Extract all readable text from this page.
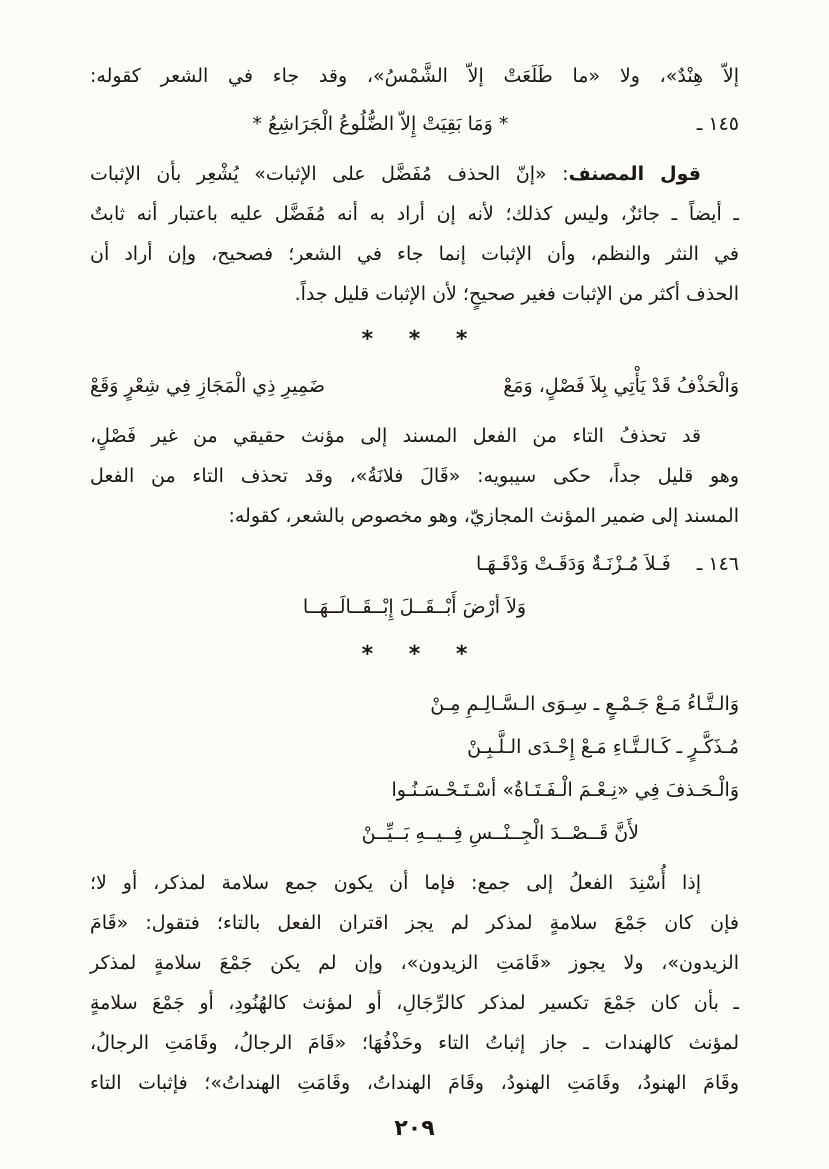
إلاّ هِنْدٌ»، ولا «ما طَلَعَتْ إلاّ الشَّمْسُ»، وقد جاء في الشعر كقوله:
١٤٥ ـ
* وَمَا بَقِيَتْ إِلاّ الضُّلُوعُ الْجَرَاشِعُ *
قول المصنف: «إنّ الحذف مُفَضَّل على الإثبات» يُشْعِر بأن الإثبات
ـ أيضاً ـ جائزٌ، وليس كذلك؛ لأنه إن أراد به أنه مُفَضَّل عليه باعتبار أنه ثابتٌ
في النثر والنظم، وأن الإثبات إنما جاء في الشعر؛ فصحيح، وإن أراد أن
الحذف أكثر من الإثبات فغير صحيحٍ؛ لأن الإثبات قليل جداً.
* * *
وَالْحَذْفُ قَدْ يَأْتِي بِلاَ فَصْلٍ، وَمَعْ
ضَمِيرِ ذِي الْمَجَازِ فِي شِعْرٍ وَقَعْ
قد تحذفُ التاء من الفعل المسند إلى مؤنث حقيقي من غير فَصْلٍ،
وهو قليل جداً، حكى سيبويه: «قَالَ فلانَةُ»، وقد تحذف التاء من الفعل
المسند إلى ضمير المؤنث المجازيّ، وهو مخصوص بالشعر، كقوله:
١٤٦ ـ
فَـلاَ مُـزْنَـةٌ وَدَقَـتْ وَدْقَـهَـا
وَلاَ أرْضَ أَبْــقَــلَ إِبْــقَــالَــهَــا
* * *
وَالـتَّـاءُ مَـعْ جَـمْـعٍ ـ سِـوَى الـسَّـالِـمِ مِـنْ
مُـذَكَّـرٍ ـ كَـالـتَّـاءِ مَـعْ إِحْـدَى الـلَّـبِـنْ
وَالْـحَـذفَ فِي «نِـعْـمَ الْـفَـتَـاةُ» أسْـتَـحْـسَـنُـوا
لأَنَّ قَــصْــدَ الْجِــنْــسِ فِــيــهِ بَــيِّــنْ
إذا أُسْنِدَ الفعلُ إلى جمع: فإما أن يكون جمع سلامة لمذكر، أو لا؛
فإن كان جَمْعَ سلامةٍ لمذكر لم يجز اقتران الفعل بالتاء؛ فتقول: «قَامَ
الزيدون»، ولا يجوز «قَامَتِ الزيدون»، وإن لم يكن جَمْعَ سلامةٍ لمذكر
ـ بأن كان جَمْعَ تكسير لمذكر كالرِّجَالِ، أو لمؤنث كالهُنُودِ، أو جَمْعَ سلامةٍ
لمؤنث كالهندات ـ جاز إثباتُ التاء وحَذْفُهَا؛ «قَامَ الرجالُ، وقَامَتِ الرجالُ،
وقَامَ الهنودُ، وقَامَتِ الهنودُ، وقَامَ الهنداتُ، وقَامَتِ الهنداتُ»؛ فإثبات التاء
٢٠٩
